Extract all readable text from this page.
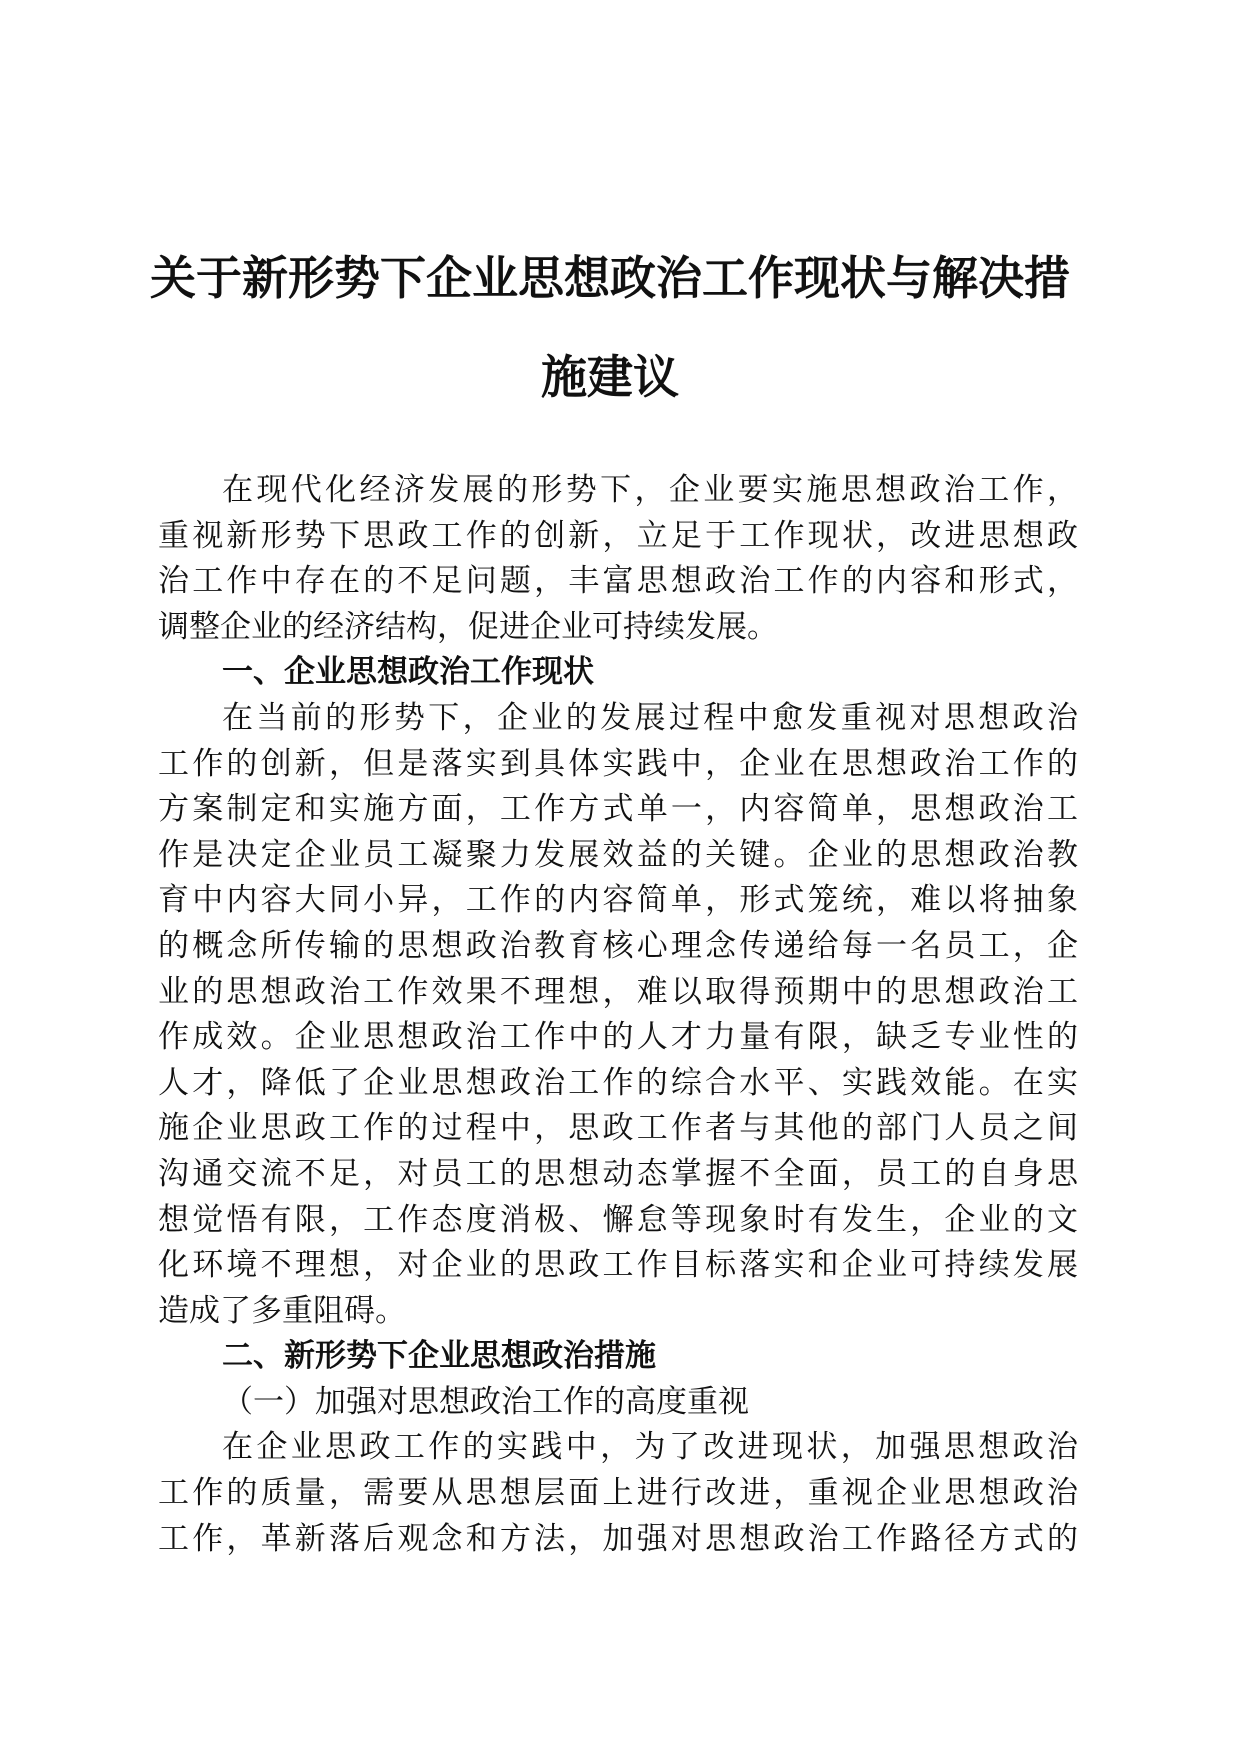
关于新形势下企业思想政治工作现状与解决措
施建议
在现代化经济发展的形势下，企业要实施思想政治工作，
重视新形势下思政工作的创新，立足于工作现状，改进思想政
治工作中存在的不足问题，丰富思想政治工作的内容和形式，
调整企业的经济结构，促进企业可持续发展。
一、企业思想政治工作现状
在当前的形势下，企业的发展过程中愈发重视对思想政治
工作的创新，但是落实到具体实践中，企业在思想政治工作的
方案制定和实施方面，工作方式单一，内容简单，思想政治工
作是决定企业员工凝聚力发展效益的关键。企业的思想政治教
育中内容大同小异，工作的内容简单，形式笼统，难以将抽象
的概念所传输的思想政治教育核心理念传递给每一名员工，企
业的思想政治工作效果不理想，难以取得预期中的思想政治工
作成效。企业思想政治工作中的人才力量有限，缺乏专业性的
人才，降低了企业思想政治工作的综合水平、实践效能。在实
施企业思政工作的过程中，思政工作者与其他的部门人员之间
沟通交流不足，对员工的思想动态掌握不全面，员工的自身思
想觉悟有限，工作态度消极、懈怠等现象时有发生，企业的文
化环境不理想，对企业的思政工作目标落实和企业可持续发展
造成了多重阻碍。
二、新形势下企业思想政治措施
（一）加强对思想政治工作的高度重视
在企业思政工作的实践中，为了改进现状，加强思想政治
工作的质量，需要从思想层面上进行改进，重视企业思想政治
工作，革新落后观念和方法，加强对思想政治工作路径方式的
